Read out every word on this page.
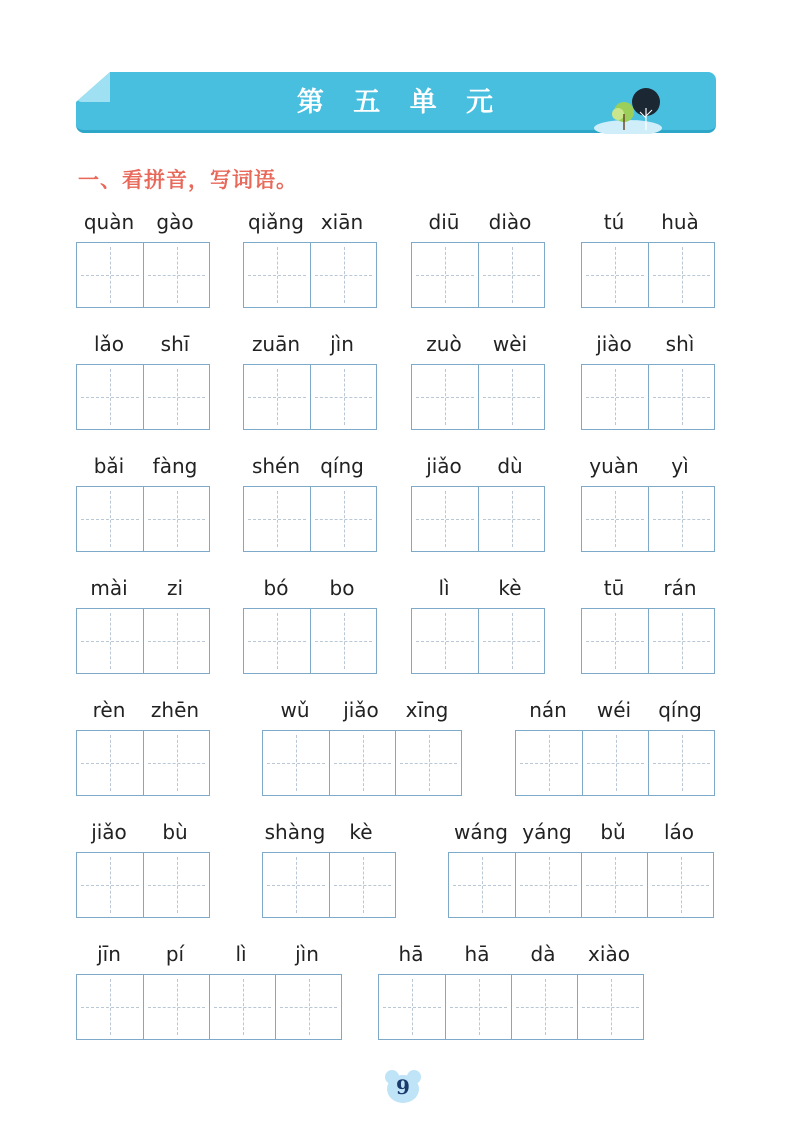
第 五 单 元
一、看拼音，写词语。
quàn	gào	qiǎng xiān	diū	diào	tú	huà
lǎo	shī	zuān	jìn	zuò	wèi	jiào	shì
bǎi	fàng	shén	qíng	jiǎo	dù	yuàn	yì
mài	zi	bó	bo	lì	kè	tū	rán
rèn	zhēn	wǔ	jiǎo	xīng	nán	wéi	qíng
jiǎo	bù	shàng	kè	wáng yáng	bǔ	láo
jīn	pí	lì	jìn	hā	hā	dà	xiào
9
